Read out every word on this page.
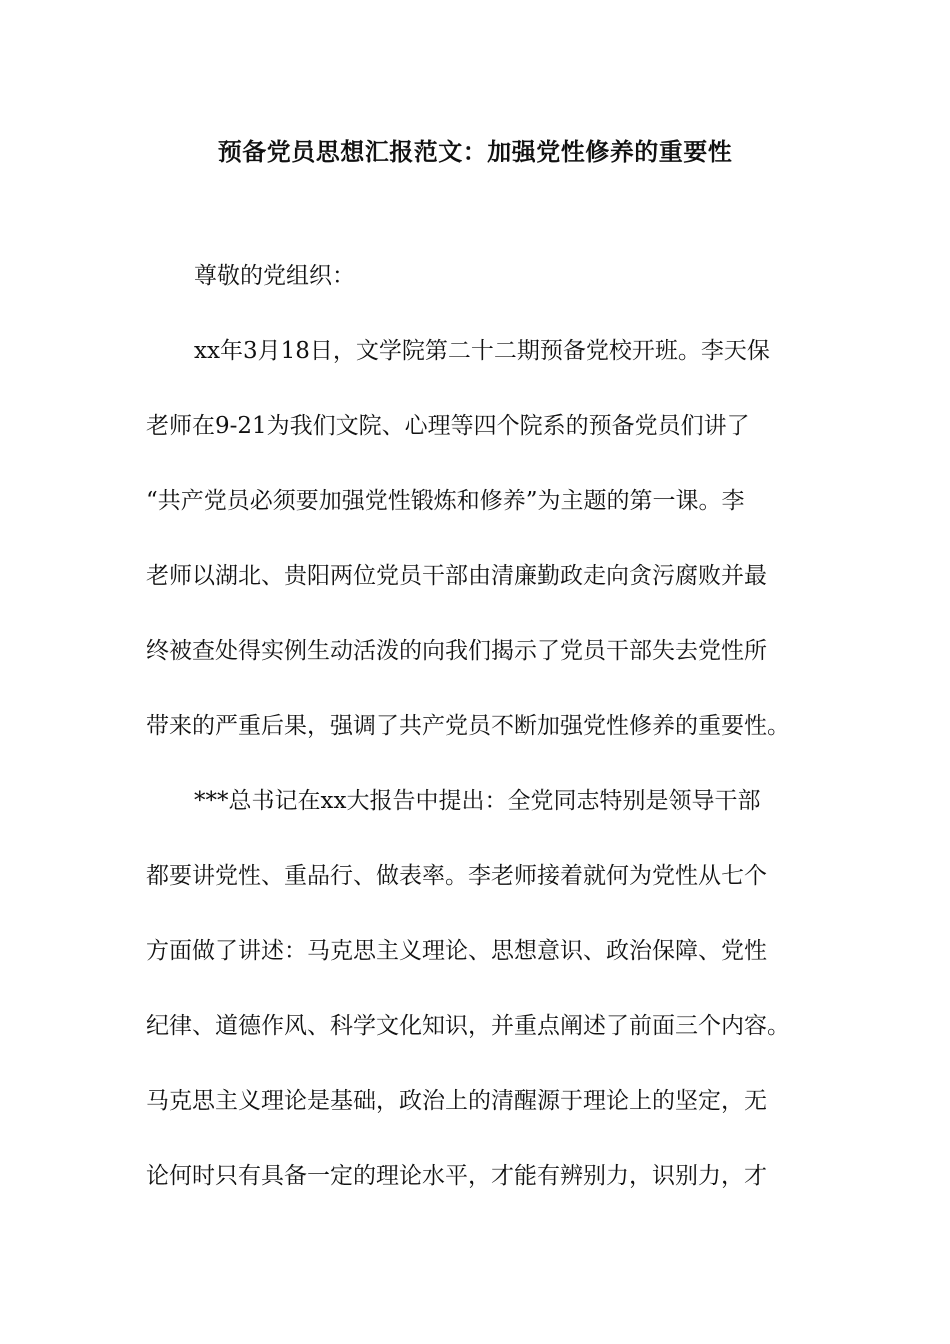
预备党员思想汇报范文：加强党性修养的重要性
尊敬的党组织：
xx年3月18日，文学院第二十二期预备党校开班。李天保
老师在9-21为我们文院、心理等四个院系的预备党员们讲了
“共产党员必须要加强党性锻炼和修养”为主题的第一课。李
老师以湖北、贵阳两位党员干部由清廉勤政走向贪污腐败并最
终被查处得实例生动活泼的向我们揭示了党员干部失去党性所
带来的严重后果，强调了共产党员不断加强党性修养的重要性。
***总书记在xx大报告中提出：全党同志特别是领导干部
都要讲党性、重品行、做表率。李老师接着就何为党性从七个
方面做了讲述：马克思主义理论、思想意识、政治保障、党性
纪律、道德作风、科学文化知识，并重点阐述了前面三个内容。
马克思主义理论是基础，政治上的清醒源于理论上的坚定，无
论何时只有具备一定的理论水平，才能有辨别力，识别力，才
